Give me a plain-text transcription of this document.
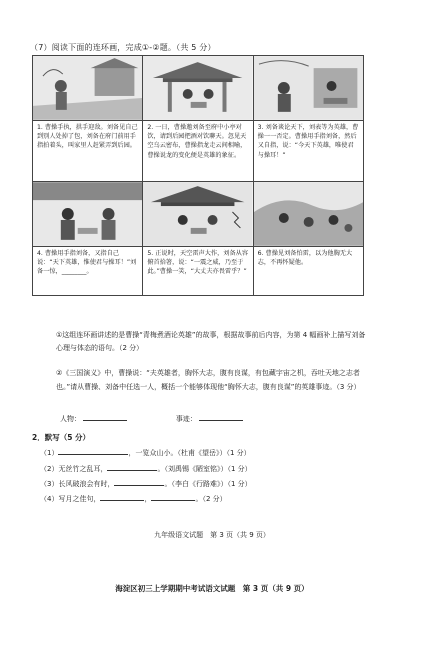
（7）阅读下面的连环画，完成①-②题。（共 5 分）
1. 曹操手执，拱手迎敌。刘备见自己到别人处掉了包，刘备在府门前用手指拍着头，叫家里人赶紧弄到后园。
2. 一日，曹操邀刘备至府中小亭对饮，请到后园把酒对饮聊天。忽见天空乌云密布，曹操指龙走云间相喻，曹操说龙的变化便是英雄的象征。
3. 刘备谈论天下，刘表等为英雄，曹操一一否定。曹操用手指刘备，然后又自指，说：“今天下英雄，唯使君与操耳！”
4. 曹操用手指刘备，又指自己说：“天下英雄，惟使君与操耳！”刘备一惊，________。
5. 正说时，天空雷声大作，刘备从容俯首拾箸，说：“一震之威，乃至于此。”曹操一笑，“大丈夫亦畏雷乎？”
6. 曹操见刘备怕雷，以为他胸无大志，不再怀疑他。
①这组连环画讲述的是曹操“青梅煮酒论英雄”的故事，根据故事前后内容，为第 4 幅画补上描写刘备心理与体态的语句。（2 分）
②《三国演义》中，曹操说：“夫英雄者，胸怀大志，腹有良谋，有包藏宇宙之机，吞吐天地之志者也。”请从曹操、刘备中任选一人，概括一个能够体现他“胸怀大志，腹有良谋”的英雄事迹。（3 分）
人物：	事迹：
2．默写（5 分）
（1）	，一览众山小。（杜甫《望岳》）（1 分）
（2）无丝竹之乱耳，	。（刘禹锡《陋室铭》）（1 分）
（3）长风破浪会有时，	。（李白《行路难》）（1 分）
（4）写月之佳句，	，	。（2 分）
九年级语文试题　第 3 页（共 9 页）
海淀区初三上学期期中考试语文试题　第 3 页（共 9 页）
